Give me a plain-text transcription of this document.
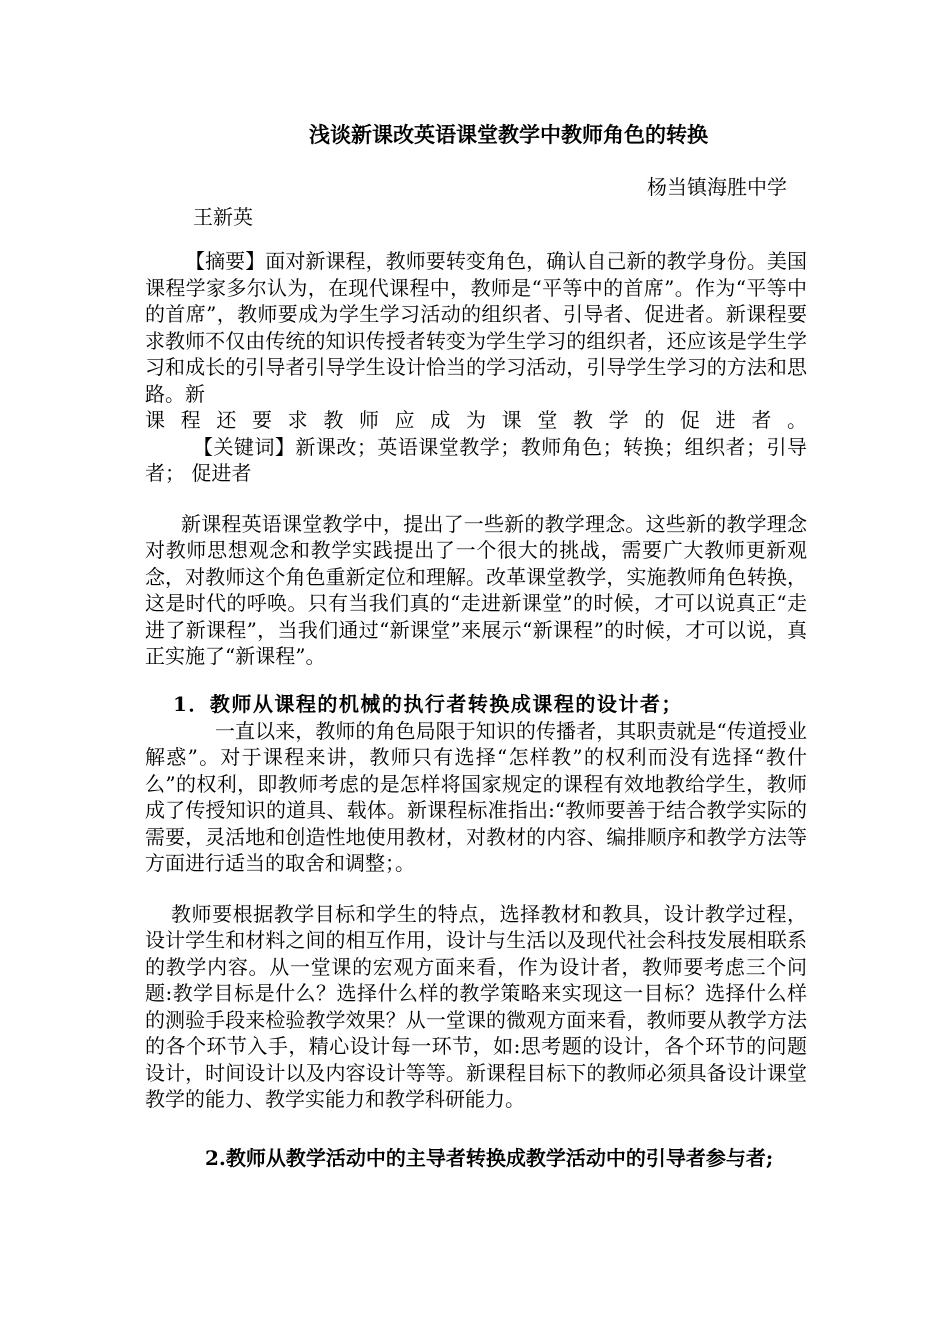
浅谈新课改英语课堂教学中教师角色的转换
杨当镇海胜中学
王新英

【摘要】面对新课程，教师要转变角色，确认自己新的教学身份。美国课程学家多尔认为，在现代课程中，教师是“平等中的首席”。作为“平等中的首席”，教师要成为学生学习活动的组织者、引导者、促进者。新课程要求教师不仅由传统的知识传授者转变为学生学习的组织者，还应该是学生学习和成长的引导者引导学生设计恰当的学习活动，引导学生学习的方法和思路。新

课程还要求教师应成为课堂教学的促进者。

【关键词】新课改；英语课堂教学；教师角色；转换；组织者；引导者； 促进者

新课程英语课堂教学中，提出了一些新的教学理念。这些新的教学理念对教师思想观念和教学实践提出了一个很大的挑战，需要广大教师更新观念，对教师这个角色重新定位和理解。改革课堂教学，实施教师角色转换，这是时代的呼唤。只有当我们真的“走进新课堂”的时候，才可以说真正“走进了新课程”，当我们通过“新课堂”来展示“新课程”的时候，才可以说，真正实施了“新课程”。

1．教师从课程的机械的执行者转换成课程的设计者；

一直以来，教师的角色局限于知识的传播者，其职责就是“传道授业解惑”。对于课程来讲，教师只有选择“怎样教”的权利而没有选择“教什么”的权利，即教师考虑的是怎样将国家规定的课程有效地教给学生，教师成了传授知识的道具、载体。新课程标准指出:“教师要善于结合教学实际的需要，灵活地和创造性地使用教材，对教材的内容、编排顺序和教学方法等方面进行适当的取舍和调整；。

教师要根据教学目标和学生的特点，选择教材和教具，设计教学过程，设计学生和材料之间的相互作用，设计与生活以及现代社会科技发展相联系的教学内容。从一堂课的宏观方面来看，作为设计者，教师要考虑三个问题:教学目标是什么？选择什么样的教学策略来实现这一目标？选择什么样的测验手段来检验教学效果？从一堂课的微观方面来看，教师要从教学方法的各个环节入手，精心设计每一环节，如:思考题的设计，各个环节的问题设计，时间设计以及内容设计等等。新课程目标下的教师必须具备设计课堂教学的能力、教学实能力和教学科研能力。

2.教师从教学活动中的主导者转换成教学活动中的引导者参与者;
